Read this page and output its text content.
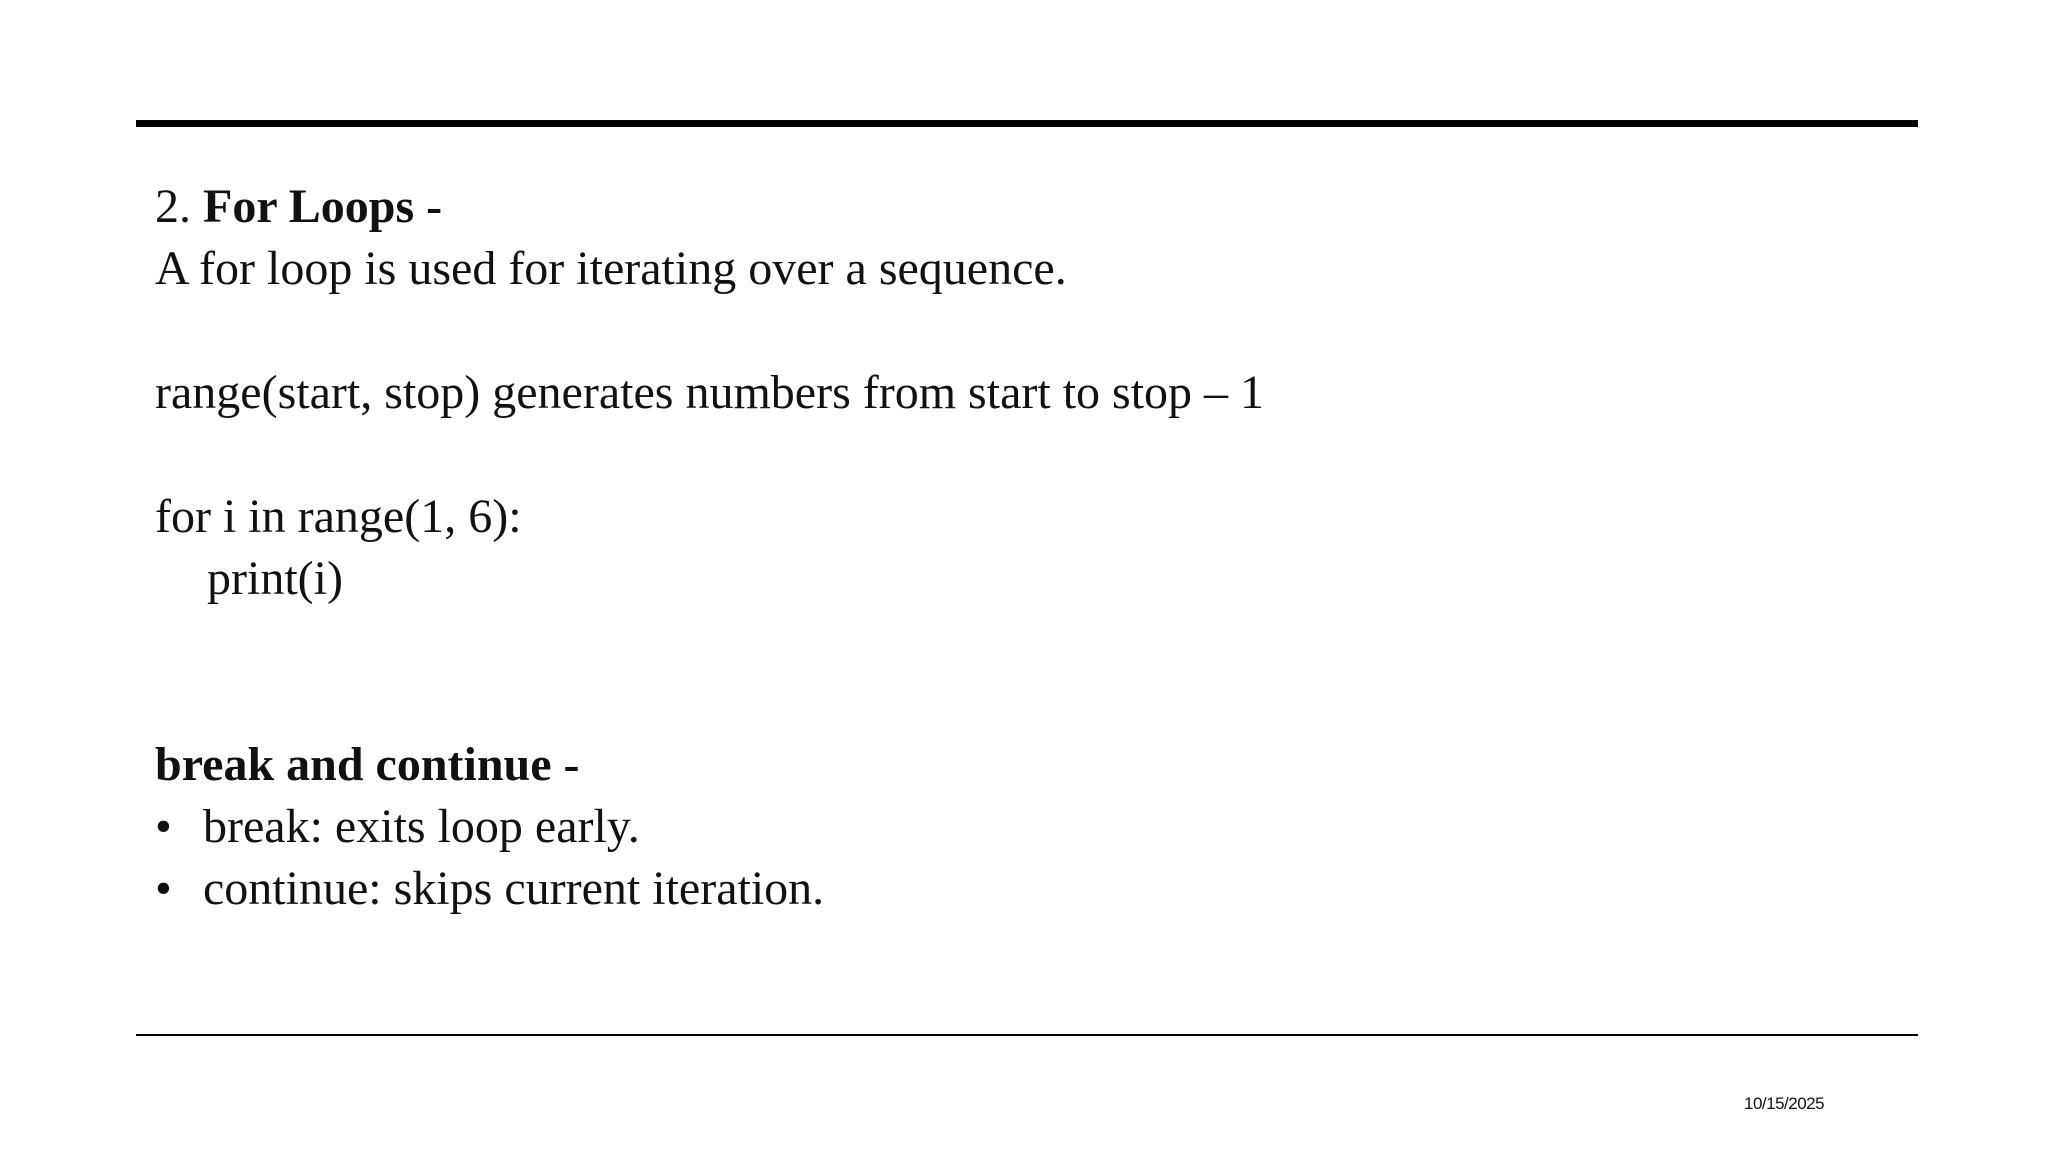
2. For Loops -
A for loop is used for iterating over a sequence.
range(start, stop) generates numbers from start to stop – 1
for i in range(1, 6):
print(i)
break and continue -
• break: exits loop early.
• continue: skips current iteration.
10/15/2025
